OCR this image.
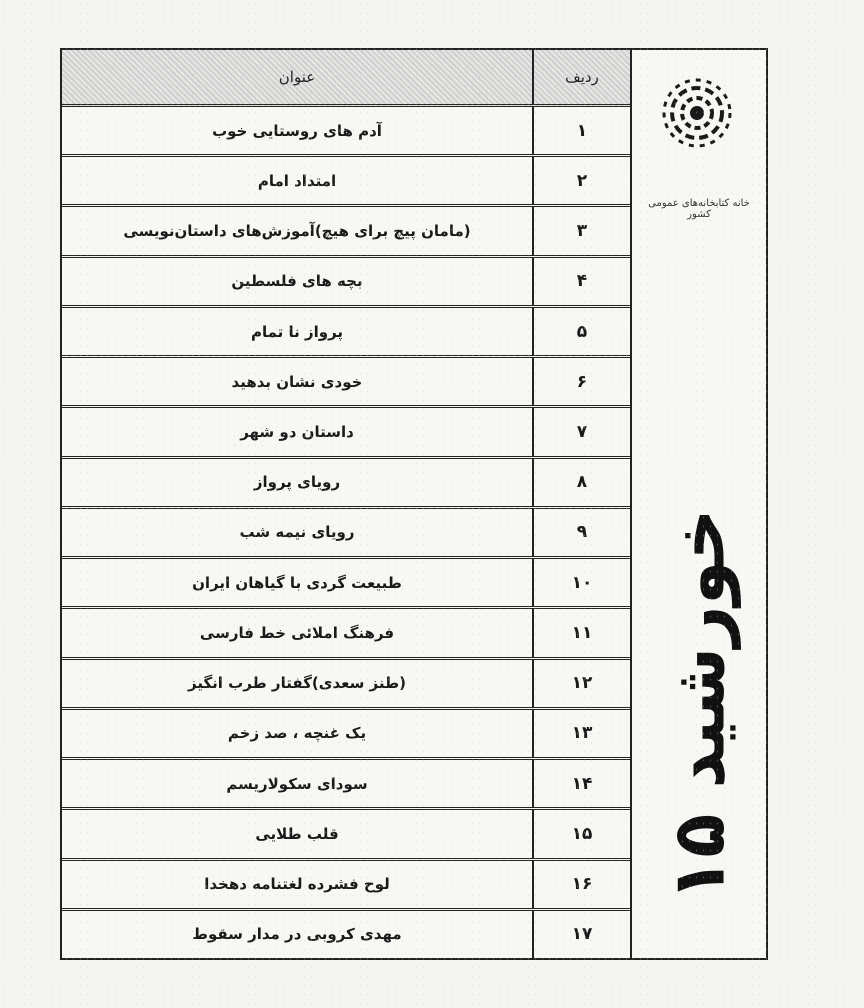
ردیف
عنوان
۱
آدم های روستایی خوب
۲
امتداد امام
۳
(مامان پیچ برای هیچ)آموزش‌های داستان‌نویسی
۴
بچه های فلسطین
۵
پرواز نا تمام
۶
خودی نشان بدهید
۷
داستان دو شهر
۸
رویای پرواز
۹
رویای نیمه شب
۱۰
طبیعت گردی با گیاهان ایران
۱۱
فرهنگ املائی خط فارسی
۱۲
(طنز سعدی)گفتار طرب انگیز
۱۳
یک غنچه ، صد زخم
۱۴
سودای سکولاریسم
۱۵
قلب طلایی
۱۶
لوح فشرده لغتنامه دهخدا
۱۷
مهدی کروبی در مدار سقوط
خانه کتابخانه‌های عمومی کشور
خورشید ۱۵
